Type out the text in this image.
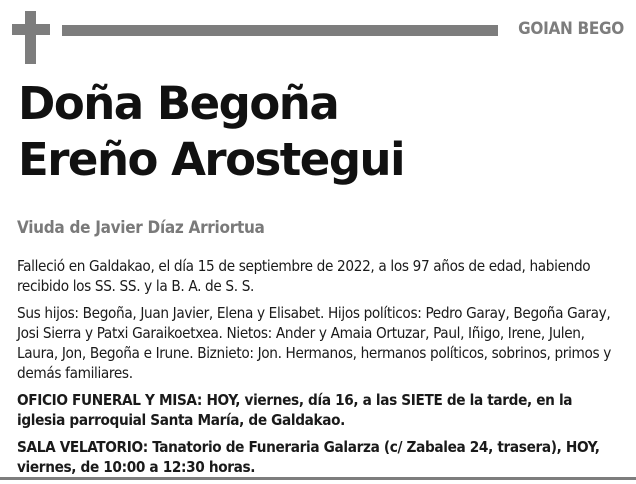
GOIAN BEGO
Doña Begoña
Ereño Arostegui
Viuda de Javier Díaz Arriortua

Falleció en Galdakao, el día 15 de septiembre de 2022, a los 97 años de edad, habiendo recibido los SS. SS. y la B. A. de S. S.

Sus hijos: Begoña, Juan Javier, Elena y Elisabet. Hijos políticos: Pedro Garay, Begoña Garay, Josi Sierra y Patxi Garaikoetxea. Nietos: Ander y Amaia Ortuzar, Paul, Iñigo, Irene, Julen, Laura, Jon, Begoña e Irune. Biznieto: Jon. Hermanos, hermanos políticos, sobrinos, primos y demás familiares.

OFICIO FUNERAL Y MISA: HOY, viernes, día 16, a las SIETE de la tarde, en la iglesia parroquial Santa María, de Galdakao.

SALA VELATORIO: Tanatorio de Funeraria Galarza (c/ Zabalea 24, trasera), HOY, viernes, de 10:00 a 12:30 horas.
